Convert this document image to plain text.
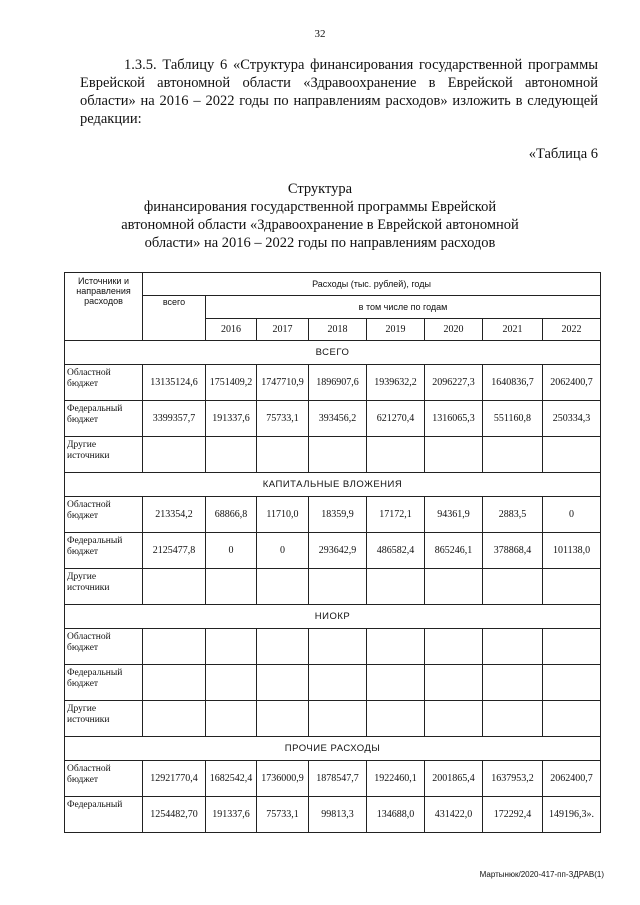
32

1.3.5. Таблицу 6 «Структура финансирования государственной программы Еврейской автономной области «Здравоохранение в Еврейской автономной области» на 2016 – 2022 годы по направлениям расходов» изложить в следующей редакции:

«Таблица 6
Структура
финансирования государственной программы Еврейской
автономной области «Здравоохранение в Еврейской автономной
области» на 2016 – 2022 годы по направлениям расходов
Источники и направления расходов	Расходы (тыс. рублей), годы							
	всего	в том числе по годам						
		2016	2017	2018	2019	2020	2021	2022
ВСЕГО								
Областной бюджет	13135124,6	1751409,2	1747710,9	1896907,6	1939632,2	2096227,3	1640836,7	2062400,7
Федеральный бюджет	3399357,7	191337,6	75733,1	393456,2	621270,4	1316065,3	551160,8	250334,3
Другие источники								
КАПИТАЛЬНЫЕ ВЛОЖЕНИЯ								
Областной бюджет	213354,2	68866,8	11710,0	18359,9	17172,1	94361,9	2883,5	0
Федеральный бюджет	2125477,8	0	0	293642,9	486582,4	865246,1	378868,4	101138,0
Другие источники								
НИОКР								
Областной бюджет								
Федеральный бюджет								
Другие источники								
ПРОЧИЕ РАСХОДЫ								
Областной бюджет	12921770,4	1682542,4	1736000,9	1878547,7	1922460,1	2001865,4	1637953,2	2062400,7
Федеральный	1254482,70	191337,6	75733,1	99813,3	134688,0	431422,0	172292,4	149196,3».
Мартынюк/2020-417-пп-ЗДРАВ(1)
